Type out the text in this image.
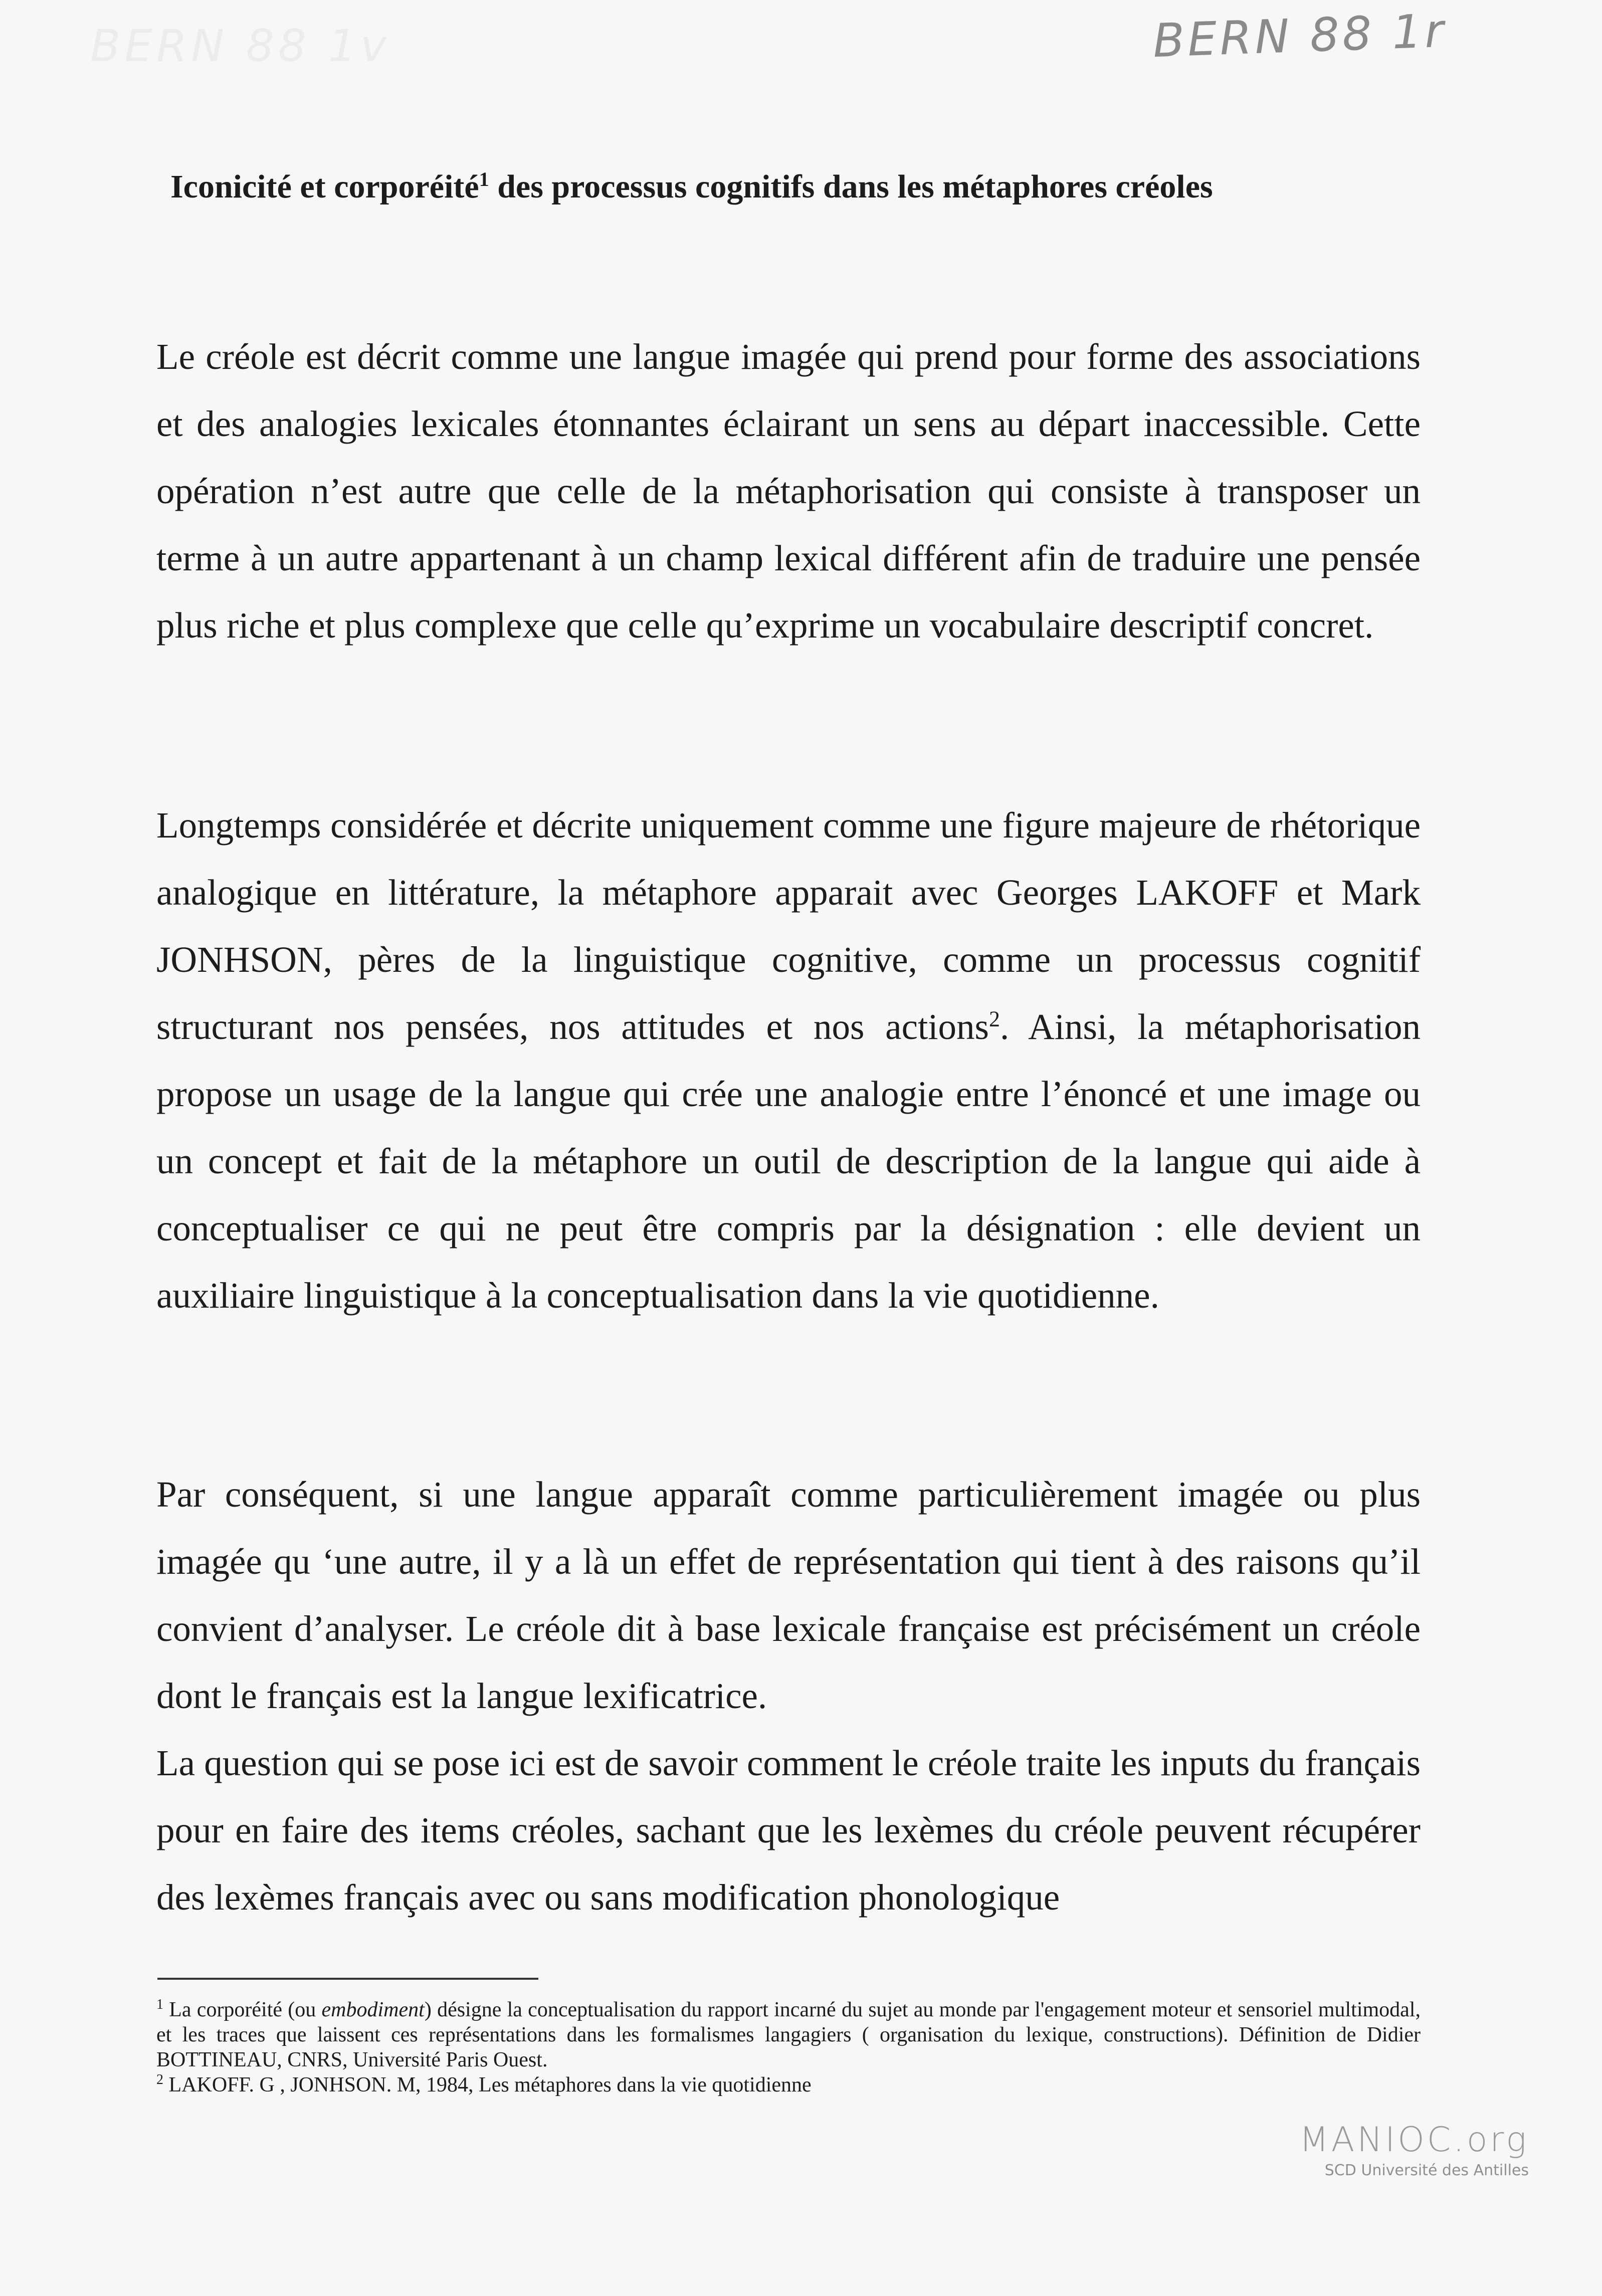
BERN 88 1v	BERN 88 1r
Iconicité et corporéité$^1$ des processus cognitifs dans les métaphores créoles
Le créole est décrit comme une langue imagée qui prend pour forme des associations et des analogies lexicales étonnantes éclairant un sens au départ inaccessible. Cette opération n’est autre que celle de la métaphorisation qui consiste à transposer un terme à un autre appartenant à un champ lexical différent afin de traduire une pensée plus riche et plus complexe que celle qu’exprime un vocabulaire descriptif concret.
Longtemps considérée et décrite uniquement comme une figure majeure de rhétorique analogique en littérature, la métaphore apparait avec Georges LAKOFF et Mark JONHSON, pères de la linguistique cognitive, comme un processus cognitif structurant nos pensées, nos attitudes et nos actions$^2$. Ainsi, la métaphorisation propose un usage de la langue qui crée une analogie entre l’énoncé et une image ou un concept et fait de la métaphore un outil de description de la langue qui aide à conceptualiser ce qui ne peut être compris par la désignation : elle devient un auxiliaire linguistique à la conceptualisation dans la vie quotidienne.
Par conséquent, si une langue apparaît comme particulièrement imagée ou plus imagée qu ‘une autre, il y a là un effet de représentation qui tient à des raisons qu’il convient d’analyser. Le créole dit à base lexicale française est précisément un créole dont le français est la langue lexificatrice.
La question qui se pose ici est de savoir comment le créole traite les inputs du français pour en faire des items créoles, sachant que les lexèmes du créole peuvent récupérer des lexèmes français avec ou sans modification phonologique

$^1$ La corporéité (ou embodiment) désigne la conceptualisation du rapport incarné du sujet au monde par l'engagement moteur et sensoriel multimodal, et les traces que laissent ces représentations dans les formalismes langagiers ( organisation du lexique, constructions). Définition de Didier BOTTINEAU, CNRS, Université Paris Ouest.

$^2$ LAKOFF. G , JONHSON. M, 1984, Les métaphores dans la vie quotidienne

MANIOC.org
SCD Université des Antilles
